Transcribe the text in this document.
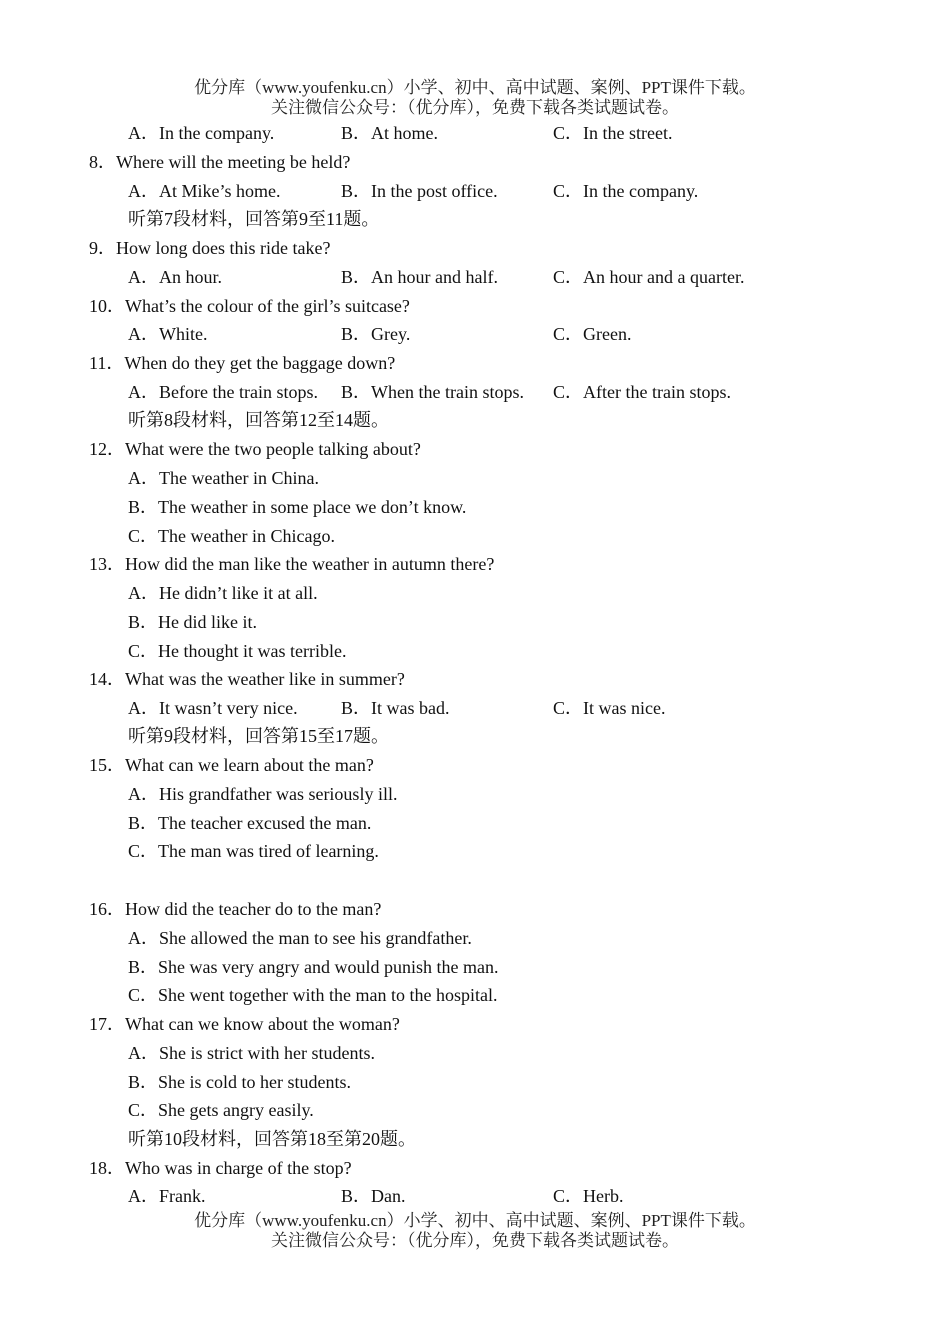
优分库（www.youfenku.cn）小学、初中、高中试题、案例、PPT课件下载。
关注微信公众号：（优分库），免费下载各类试题试卷。
A．In the company.	B．At home.	C．In the street.
8．Where will the meeting be held?
A．At Mike’s home.	B．In the post office.	C．In the company.
听第7段材料，回答第9至11题。
9．How long does this ride take?
A．An hour.	B．An hour and half.	C．An hour and a quarter.
10．What’s the colour of the girl’s suitcase?
A．White.	B．Grey.	C．Green.
11．When do they get the baggage down?
A．Before the train stops. B．When the train stops. C．After the train stops.
听第8段材料，回答第12至14题。
12．What were the two people talking about?
A．The weather in China.
B．The weather in some place we don’t know.
C．The weather in Chicago.
13．How did the man like the weather in autumn there?
A．He didn’t like it at all.
B．He did like it.
C．He thought it was terrible.
14．What was the weather like in summer?
A．It wasn’t very nice. B．It was bad.	C．It was nice.
听第9段材料，回答第15至17题。
15．What can we learn about the man?
A．His grandfather was seriously ill.
B．The teacher excused the man.
C．The man was tired of learning.
16．How did the teacher do to the man?
A．She allowed the man to see his grandfather.
B．She was very angry and would punish the man.
C．She went together with the man to the hospital.
17．What can we know about the woman?
A．She is strict with her students.
B．She is cold to her students.
C．She gets angry easily.
听第10段材料，回答第18至第20题。
18．Who was in charge of the stop?
A．Frank.	B．Dan.	C．Herb.
优分库（www.youfenku.cn）小学、初中、高中试题、案例、PPT课件下载。
关注微信公众号：（优分库），免费下载各类试题试卷。
